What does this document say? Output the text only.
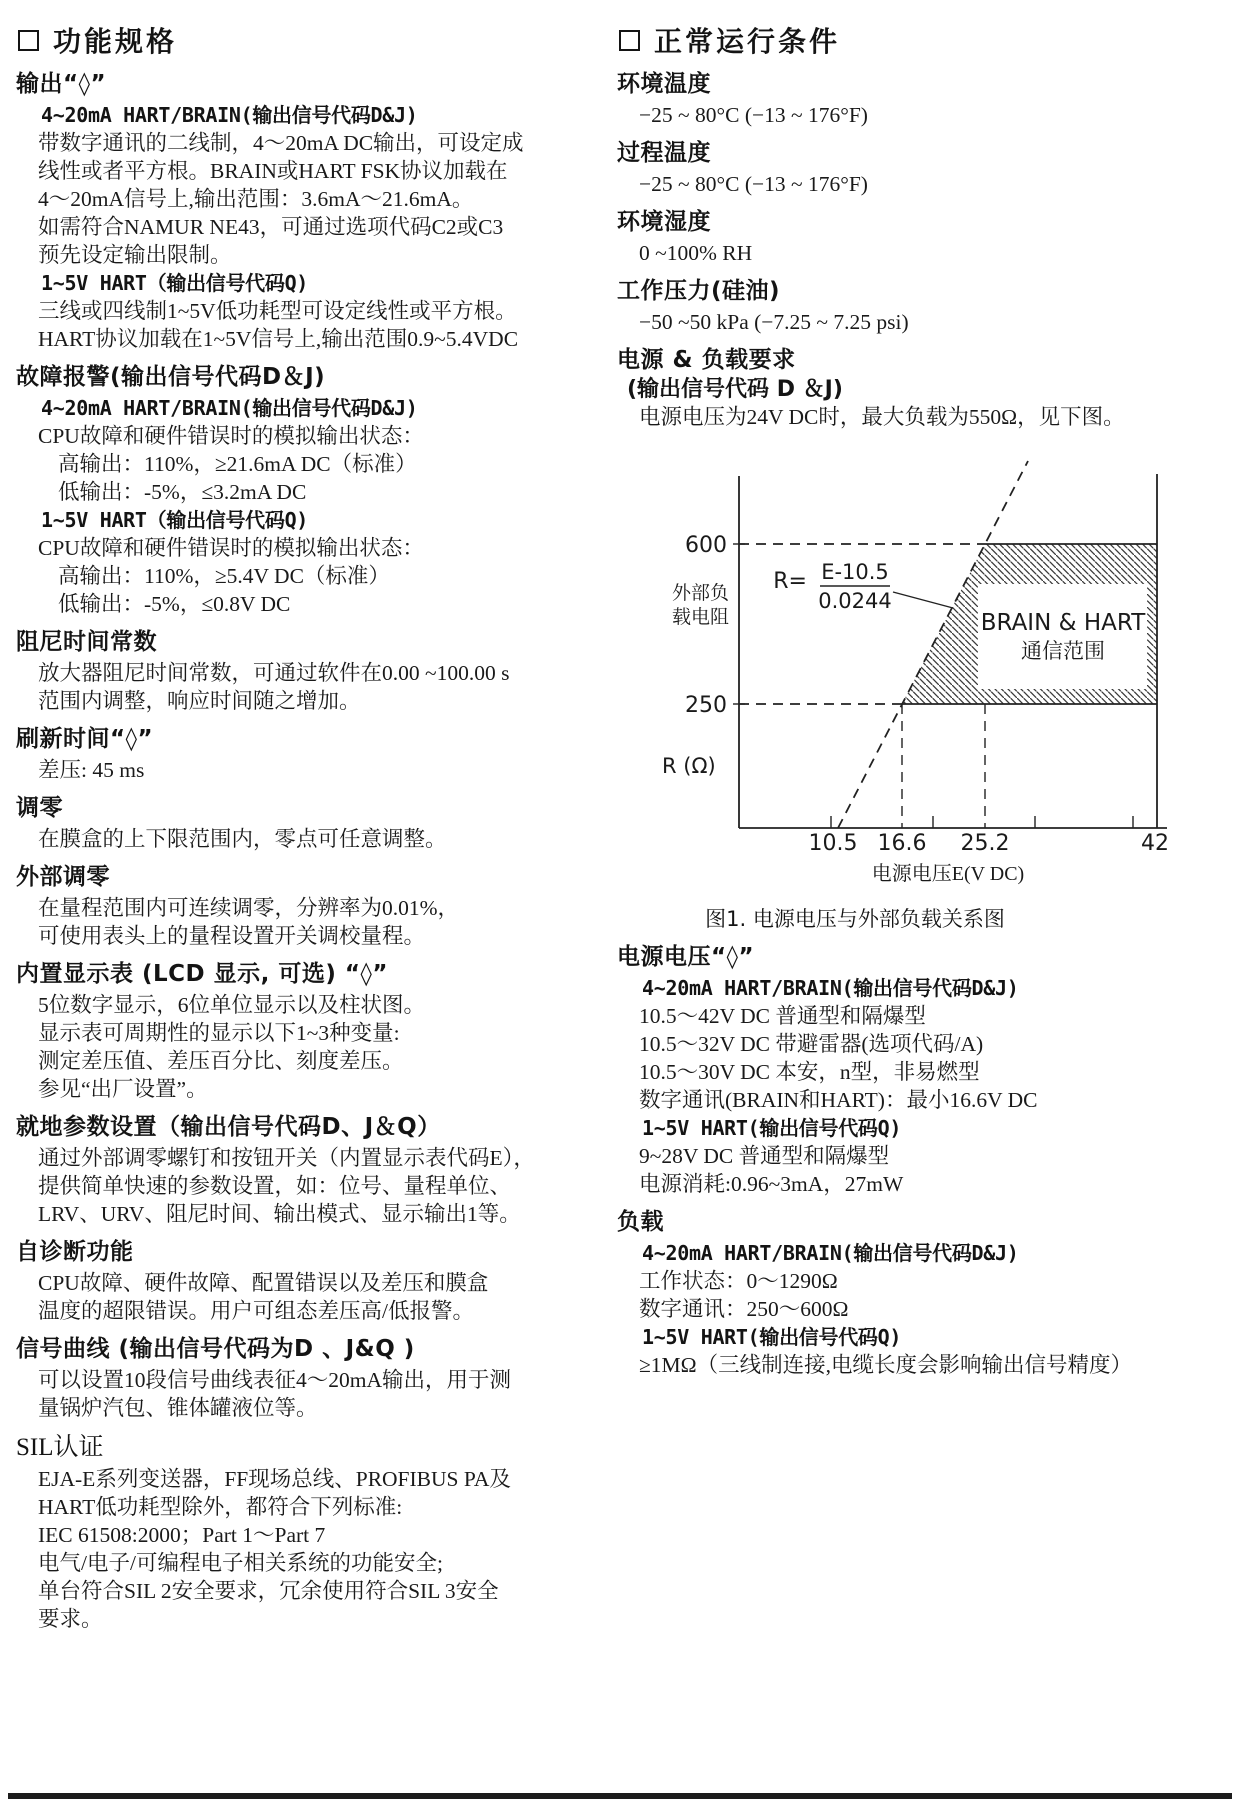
功能规格
输出“◊”
4~20mA HART/BRAIN(输出信号代码D&J)
带数字通讯的二线制，4～20mA DC输出，可设定成
线性或者平方根。BRAIN或HART FSK协议加载在
4～20mA信号上,输出范围：3.6mA～21.6mA。
如需符合NAMUR NE43，可通过选项代码C2或C3
预先设定输出限制。
1~5V HART（输出信号代码Q)
三线或四线制1~5V低功耗型可设定线性或平方根。
HART协议加载在1~5V信号上,输出范围0.9~5.4VDC
故障报警(输出信号代码D＆J)
4~20mA HART/BRAIN(输出信号代码D&J)
CPU故障和硬件错误时的模拟输出状态：
高输出：110%，≥21.6mA DC（标准）
低输出：-5%，≤3.2mA DC
1~5V HART（输出信号代码Q)
CPU故障和硬件错误时的模拟输出状态：
高输出：110%，≥5.4V DC（标准）
低输出：-5%，≤0.8V DC
阻尼时间常数
放大器阻尼时间常数，可通过软件在0.00 ~100.00 s
范围内调整，响应时间随之增加。
刷新时间“◊”
差压: 45 ms
调零
在膜盒的上下限范围内，零点可任意调整。
外部调零
在量程范围内可连续调零，分辨率为0.01%，
可使用表头上的量程设置开关调校量程。
内置显示表 (LCD 显示, 可选) “◊”
5位数字显示，6位单位显示以及柱状图。
显示表可周期性的显示以下1~3种变量:
测定差压值、差压百分比、刻度差压。
参见“出厂设置”。
就地参数设置（输出信号代码D、J＆Q）
通过外部调零螺钉和按钮开关（内置显示表代码E），
提供简单快速的参数设置，如：位号、量程单位、
LRV、URV、阻尼时间、输出模式、显示输出1等。
自诊断功能
CPU故障、硬件故障、配置错误以及差压和膜盒
温度的超限错误。用户可组态差压高/低报警。
信号曲线 (输出信号代码为D 、J&Q )
可以设置10段信号曲线表征4～20mA输出，用于测
量锅炉汽包、锥体罐液位等。
SIL认证
EJA-E系列变送器，FF现场总线、PROFIBUS PA及
HART低功耗型除外，都符合下列标准:
IEC 61508:2000；Part 1～Part 7
电气/电子/可编程电子相关系统的功能安全;
单台符合SIL 2安全要求，冗余使用符合SIL 3安全
要求。
正常运行条件
环境温度
−25 ~ 80°C (−13 ~ 176°F)
过程温度
−25 ~ 80°C (−13 ~ 176°F)
环境湿度
0 ~100% RH
工作压力(硅油)
−50 ~50 kPa (−7.25 ~ 7.25 psi)
电源 & 负载要求
(输出信号代码 D ＆J)
电源电压为24V DC时，最大负载为550Ω，见下图。
R= E-10.5
0.0244
BRAIN & HART
通信范围
600
250
外部负
载电阻
R (Ω)
10.5 16.6 25.2	42
电源电压E(V DC)
图1. 电源电压与外部负载关系图
电源电压“◊”
4~20mA HART/BRAIN(输出信号代码D&J)
10.5～42V DC 普通型和隔爆型
10.5～32V DC 带避雷器(选项代码/A)
10.5～30V DC 本安，n型，非易燃型
数字通讯(BRAIN和HART)：最小16.6V DC
1~5V HART(输出信号代码Q)
9~28V DC 普通型和隔爆型
电源消耗:0.96~3mA，27mW
负载
4~20mA HART/BRAIN(输出信号代码D&J)
工作状态：0～1290Ω
数字通讯：250～600Ω
1~5V HART(输出信号代码Q)
≥1MΩ（三线制连接,电缆长度会影响输出信号精度）
